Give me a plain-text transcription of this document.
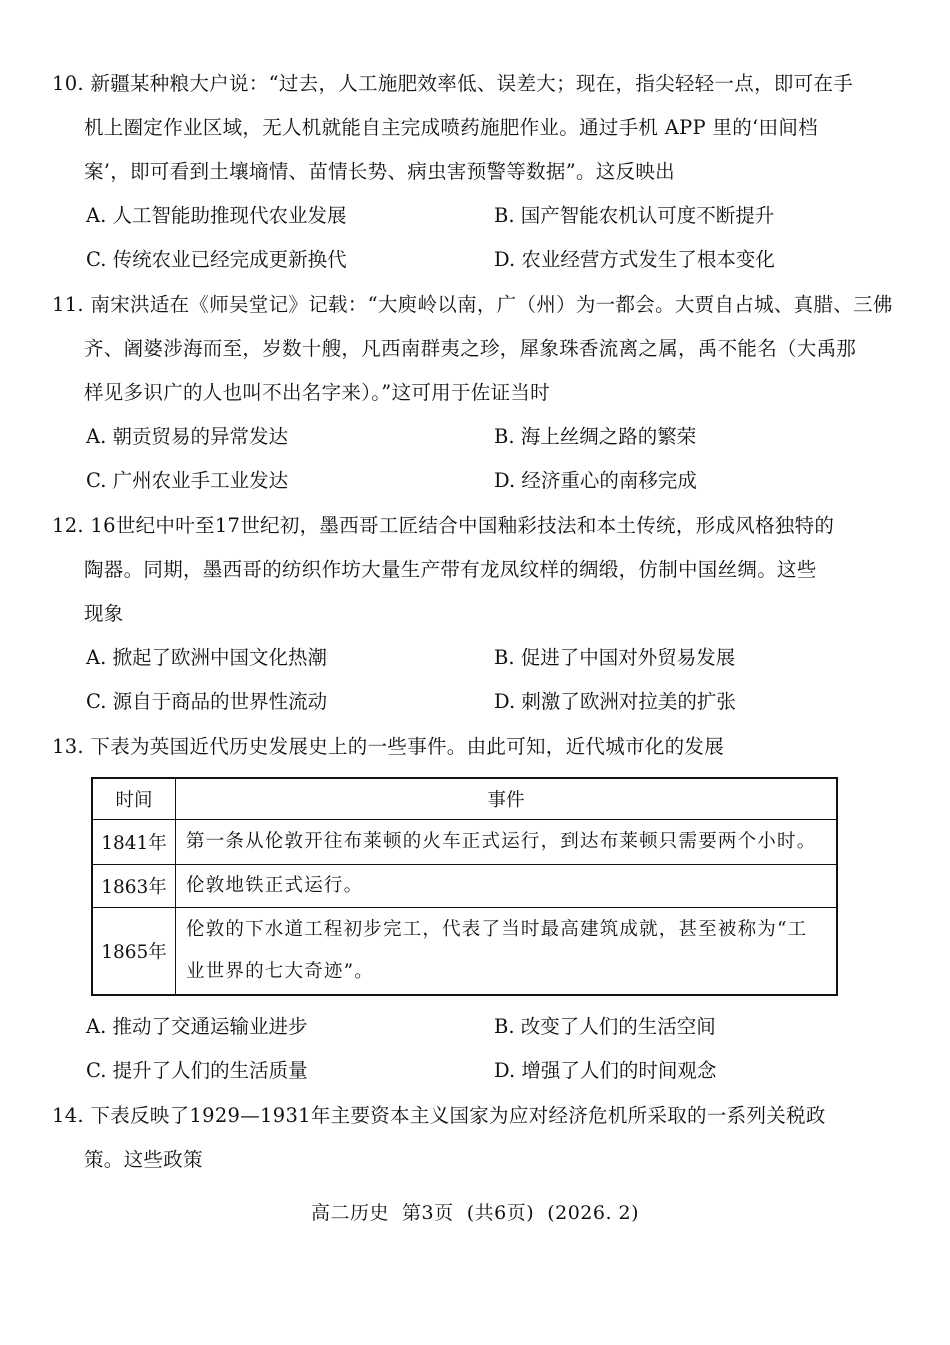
10. 新疆某种粮大户说：“过去，人工施肥效率低、误差大；现在，指尖轻轻一点，即可在手
机上圈定作业区域，无人机就能自主完成喷药施肥作业。通过手机 APP 里的‘田间档
案’，即可看到土壤墒情、苗情长势、病虫害预警等数据”。这反映出
A. 人工智能助推现代农业发展	B. 国产智能农机认可度不断提升
C. 传统农业已经完成更新换代	D. 农业经营方式发生了根本变化
11. 南宋洪适在《师吴堂记》记载：“大庾岭以南，广（州）为一都会。大贾自占城、真腊、三佛
齐、阇婆涉海而至，岁数十艘，凡西南群夷之珍，犀象珠香流离之属，禹不能名（大禹那
样见多识广的人也叫不出名字来）。”这可用于佐证当时
A. 朝贡贸易的异常发达	B. 海上丝绸之路的繁荣
C. 广州农业手工业发达	D. 经济重心的南移完成
12. 16世纪中叶至17世纪初，墨西哥工匠结合中国釉彩技法和本土传统，形成风格独特的
陶器。同期，墨西哥的纺织作坊大量生产带有龙凤纹样的绸缎，仿制中国丝绸。这些
现象
A. 掀起了欧洲中国文化热潮	B. 促进了中国对外贸易发展
C. 源自于商品的世界性流动	D. 刺激了欧洲对拉美的扩张
13. 下表为英国近代历史发展史上的一些事件。由此可知，近代城市化的发展
时间	事件
1841年	第一条从伦敦开往布莱顿的火车正式运行，到达布莱顿只需要两个小时。
1863年	伦敦地铁正式运行。
1865年	伦敦的下水道工程初步完工，代表了当时最高建筑成就，甚至被称为“工
业世界的七大奇迹”。
A. 推动了交通运输业进步	B. 改变了人们的生活空间
C. 提升了人们的生活质量	D. 增强了人们的时间观念
14. 下表反映了1929—1931年主要资本主义国家为应对经济危机所采取的一系列关税政
策。这些政策
高二历史  第3页  (共6页)  (2026. 2)
